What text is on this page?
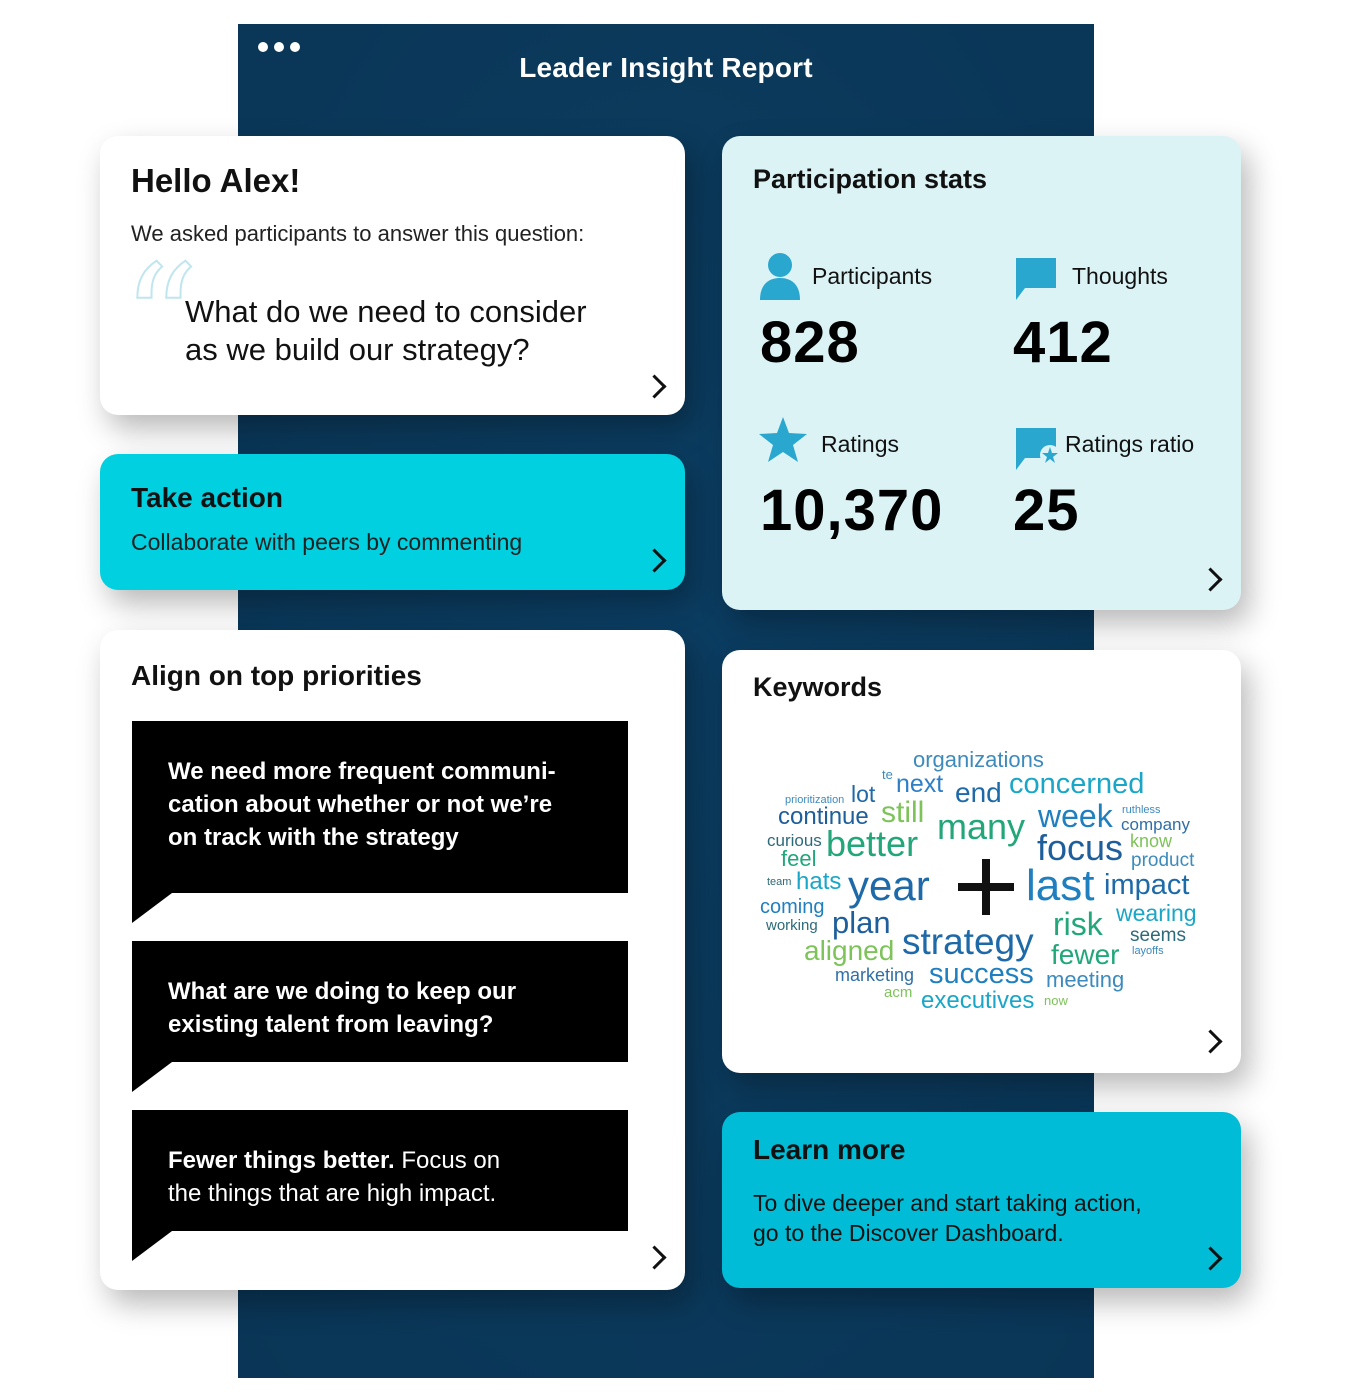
Leader Insight Report
Hello Alex!
We asked participants to answer this question:
“
What do we need to consider
as we build our strategy?
Take action
Collaborate with peers by commenting
Align on top priorities
We need more frequent communi-
cation about whether or not we’re
on track with the strategy
What are we doing to keep our
existing talent from leaving?
Fewer things better. Focus on
the things that are high impact.
Participation stats
Participants
828
Thoughts
412
Ratings
10,370
Ratings ratio
25
Keywords
organizations
te next end concerned
prioritization lot
continue still many week ruthless
company
curious better	focus know
feel	product
team hats year last impact
coming	wearing
working plan	risk seems
strategy
aligned	fewer layoffs
marketing success meeting
acm executives now
Learn more
To dive deeper and start taking action,
go to the Discover Dashboard.
